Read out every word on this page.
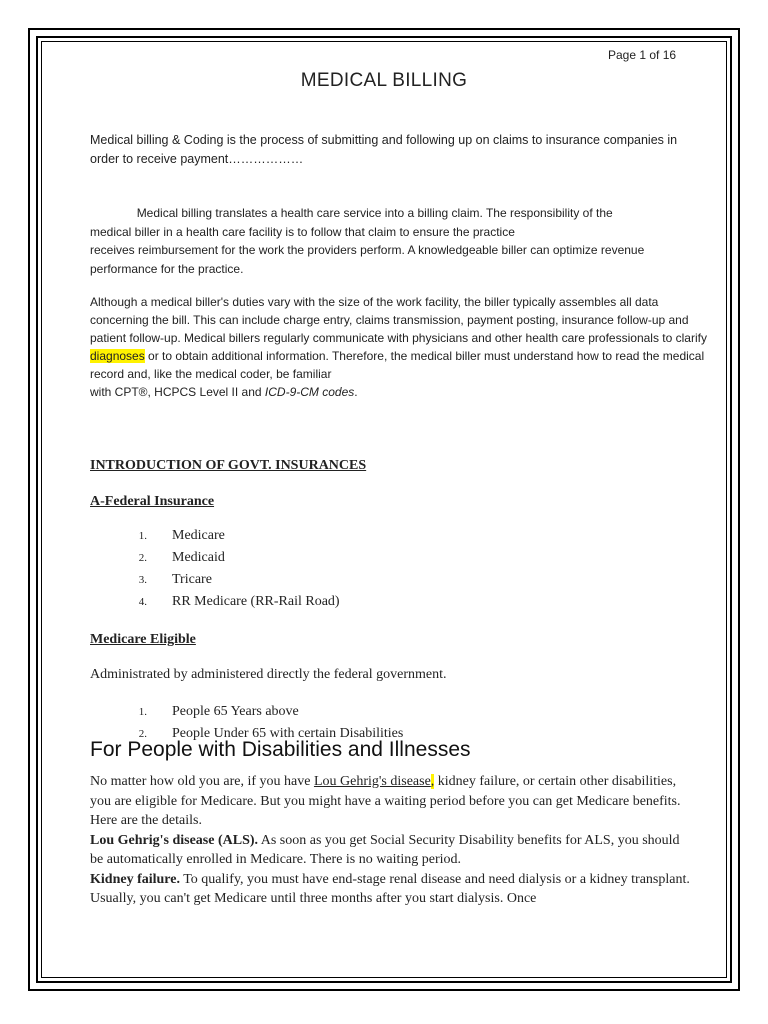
Page 1 of 16
MEDICAL BILLING

Medical billing & Coding is the process of submitting and following up on claims to insurance companies in order to receive payment………………

Medical billing translates a health care service into a billing claim. The responsibility of the
medical biller in a health care facility is to follow that claim to ensure the practice
receives reimbursement for the work the providers perform. A knowledgeable biller can optimize revenue performance for the practice.
Although a medical biller's duties vary with the size of the work facility, the biller typically assembles all data concerning the bill. This can include charge entry, claims transmission, payment posting, insurance follow-up and patient follow-up. Medical billers regularly communicate with physicians and other health care professionals to clarify diagnoses or to obtain additional information. Therefore, the medical biller must understand how to read the medical record and, like the medical coder, be familiar
with CPT®, HCPCS Level II and ICD-9-CM codes.
INTRODUCTION OF GOVT. INSURANCES
A-Federal Insurance
1. Medicare
2. Medicaid
3. Tricare
4. RR Medicare (RR-Rail Road)
Medicare Eligible
Administrated by administered directly the federal government.
1. People 65 Years above
2. People Under 65 with certain Disabilities
For People with Disabilities and Illnesses
No matter how old you are, if you have Lou Gehrig's disease, kidney failure, or certain other disabilities, you are eligible for Medicare. But you might have a waiting period before you can get Medicare benefits. Here are the details.
Lou Gehrig's disease (ALS). As soon as you get Social Security Disability benefits for ALS, you should be automatically enrolled in Medicare. There is no waiting period.
Kidney failure. To qualify, you must have end-stage renal disease and need dialysis or a kidney transplant. Usually, you can't get Medicare until three months after you start dialysis. Once
